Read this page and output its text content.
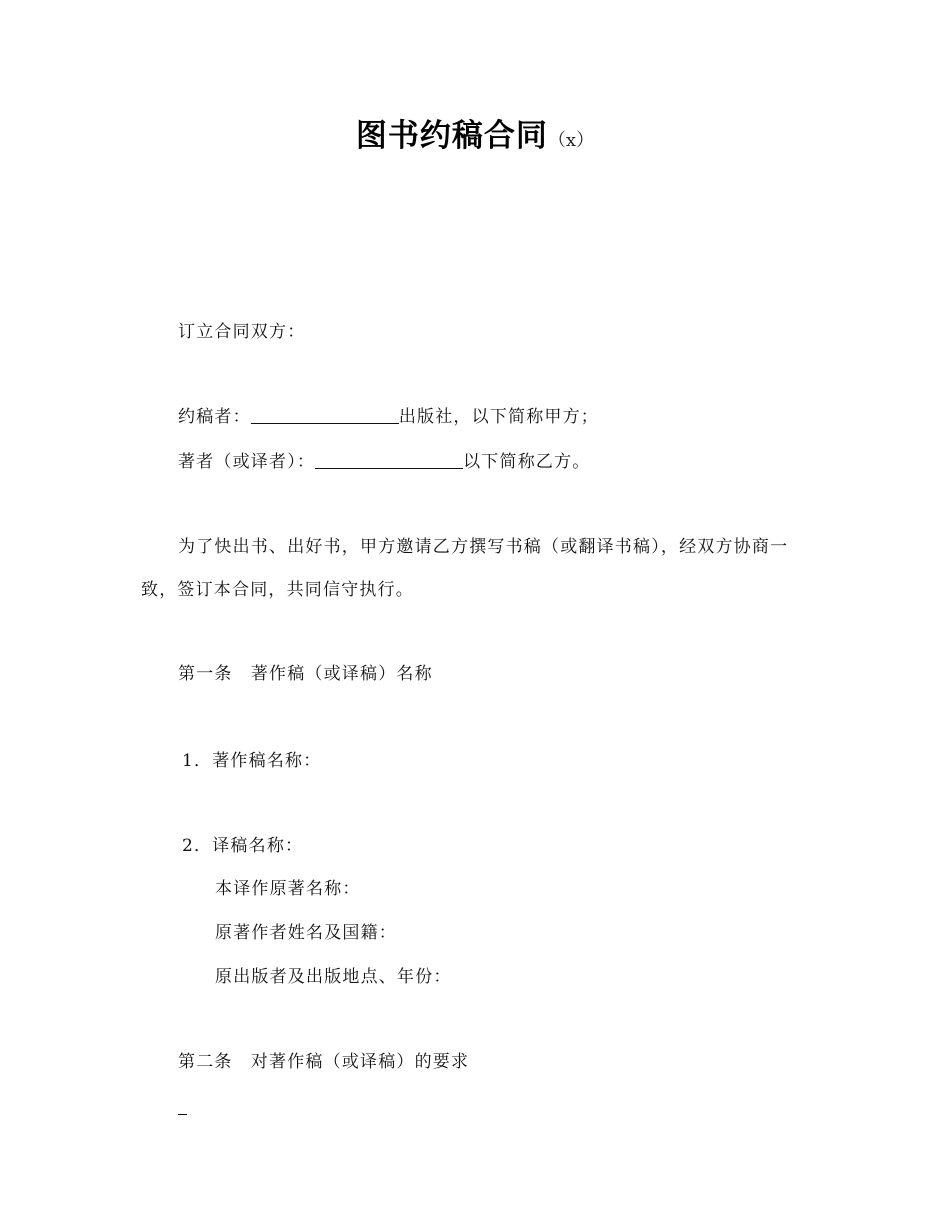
图书约稿合同（x）
订立合同双方：
约稿者：	出版社，以下简称甲方；
著者（或译者）：	以下简称乙方。
为了快出书、出好书，甲方邀请乙方撰写书稿（或翻译书稿），经双方协商一
致，签订本合同，共同信守执行。
第一条　著作稿（或译稿）名称
1．著作稿名称：
2．译稿名称：
本译作原著名称：
原著作者姓名及国籍：
原出版者及出版地点、年份：
第二条　对著作稿（或译稿）的要求
